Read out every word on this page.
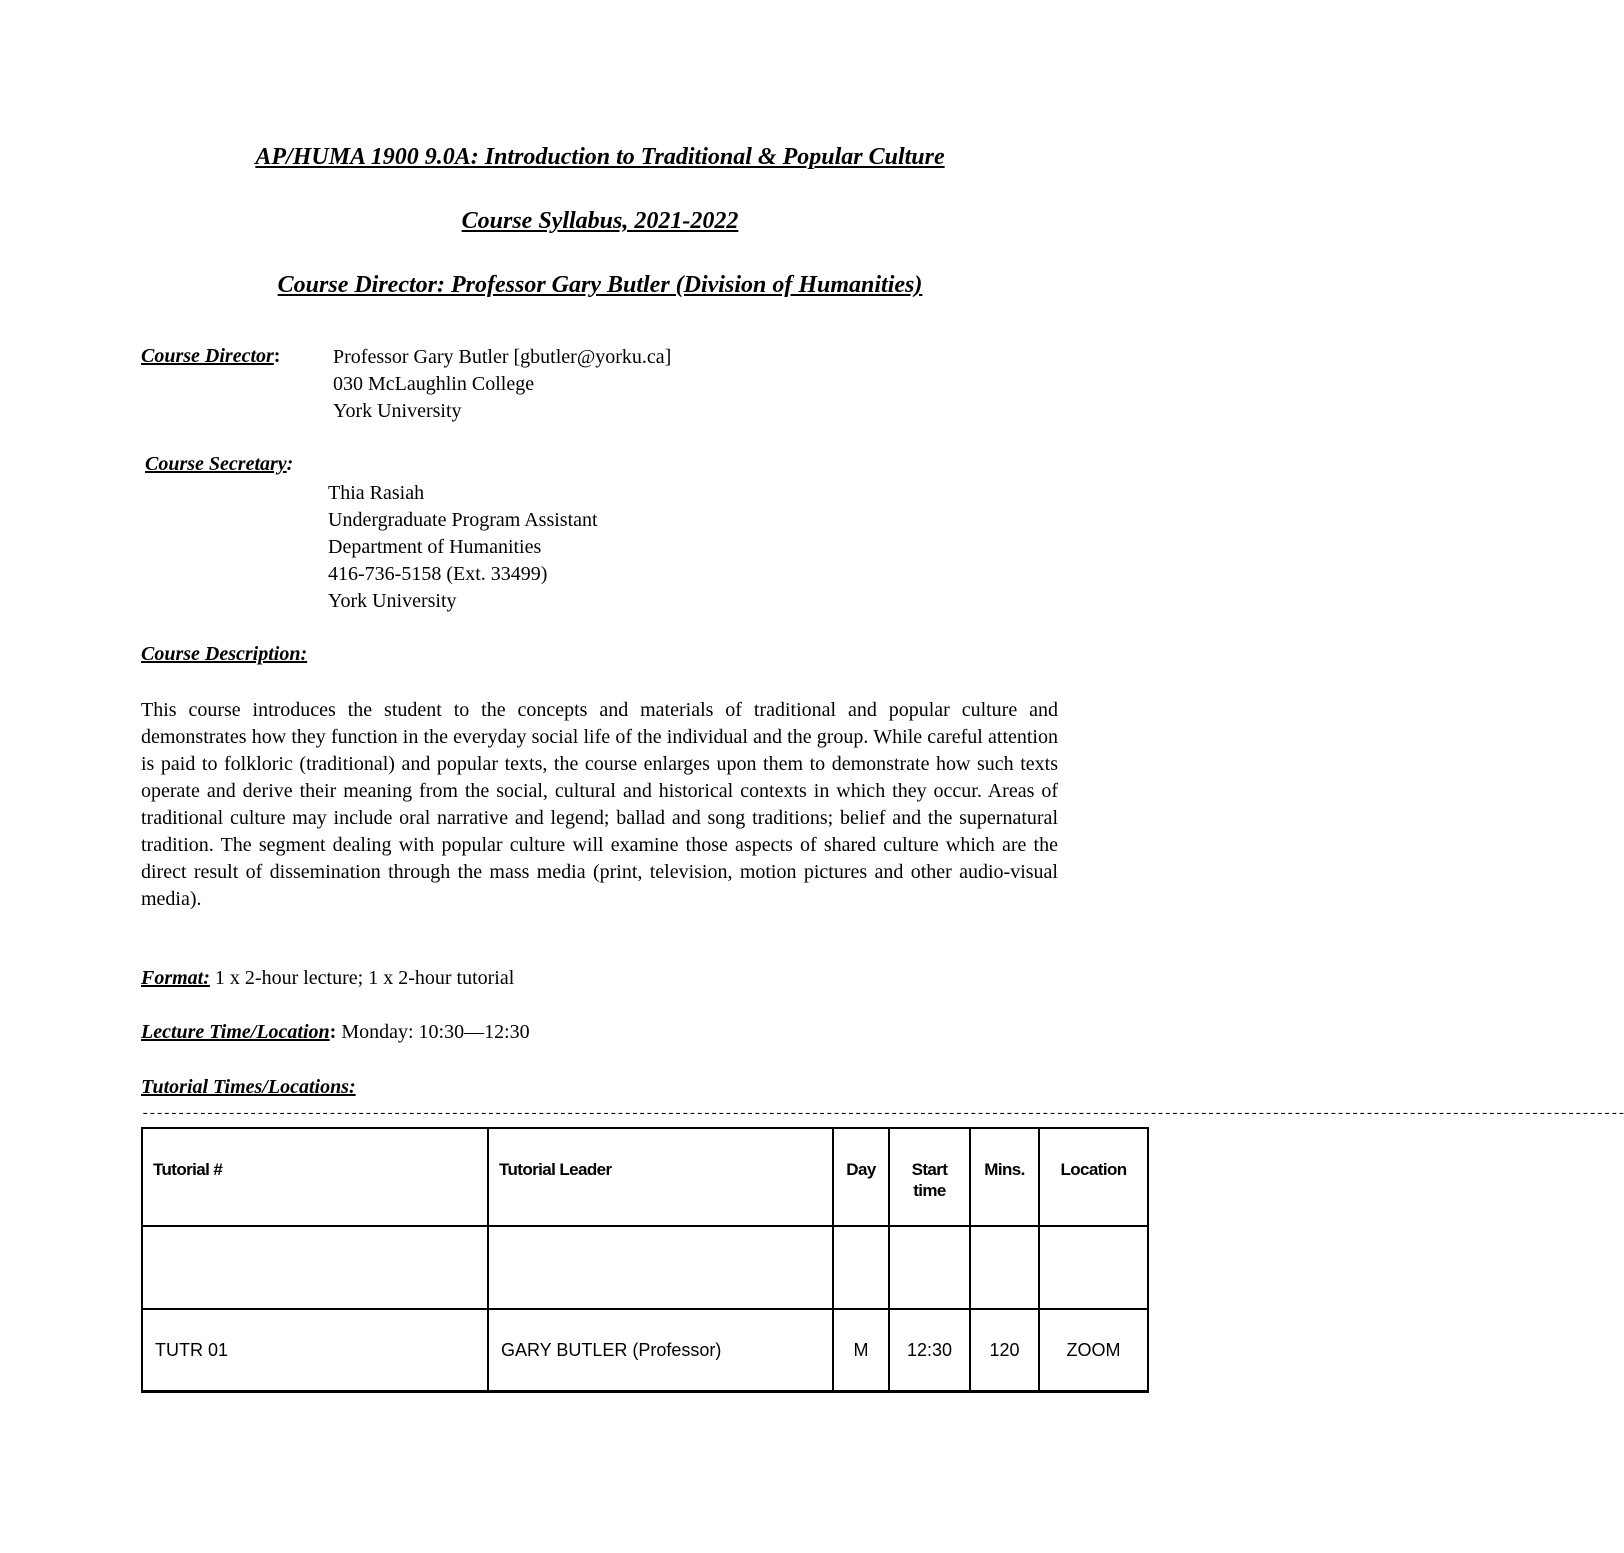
AP/HUMA 1900 9.0A: Introduction to Traditional & Popular Culture
Course Syllabus, 2021-2022
Course Director: Professor Gary Butler (Division of Humanities)
Course Director:	Professor Gary Butler [gbutler@yorku.ca]
030 McLaughlin College
York University
Course Secretary:
Thia Rasiah
Undergraduate Program Assistant
Department of Humanities
416-736-5158 (Ext. 33499)
York University
Course Description:
This course introduces the student to the concepts and materials of traditional and popular culture and demonstrates how they function in the everyday social life of the individual and the group. While careful attention is paid to folkloric (traditional) and popular texts, the course enlarges upon them to demonstrate how such texts operate and derive their meaning from the social, cultural and historical contexts in which they occur. Areas of traditional culture may include oral narrative and legend; ballad and song traditions; belief and the supernatural tradition. The segment dealing with popular culture will examine those aspects of shared culture which are the direct result of dissemination through the mass media (print, television, motion pictures and other audio-visual media).
Format: 1 x 2-hour lecture; 1 x 2-hour tutorial
Lecture Time/Location: Monday: 10:30—12:30
Tutorial Times/Locations:
--------------------------------------------------------------------------------------------------------------------------------------------------------------------------------------------------------------
Tutorial #	Tutorial Leader	Day	Start time	Mins.	Location

TUTR 01	GARY BUTLER (Professor)	M	12:30	120	ZOOM
